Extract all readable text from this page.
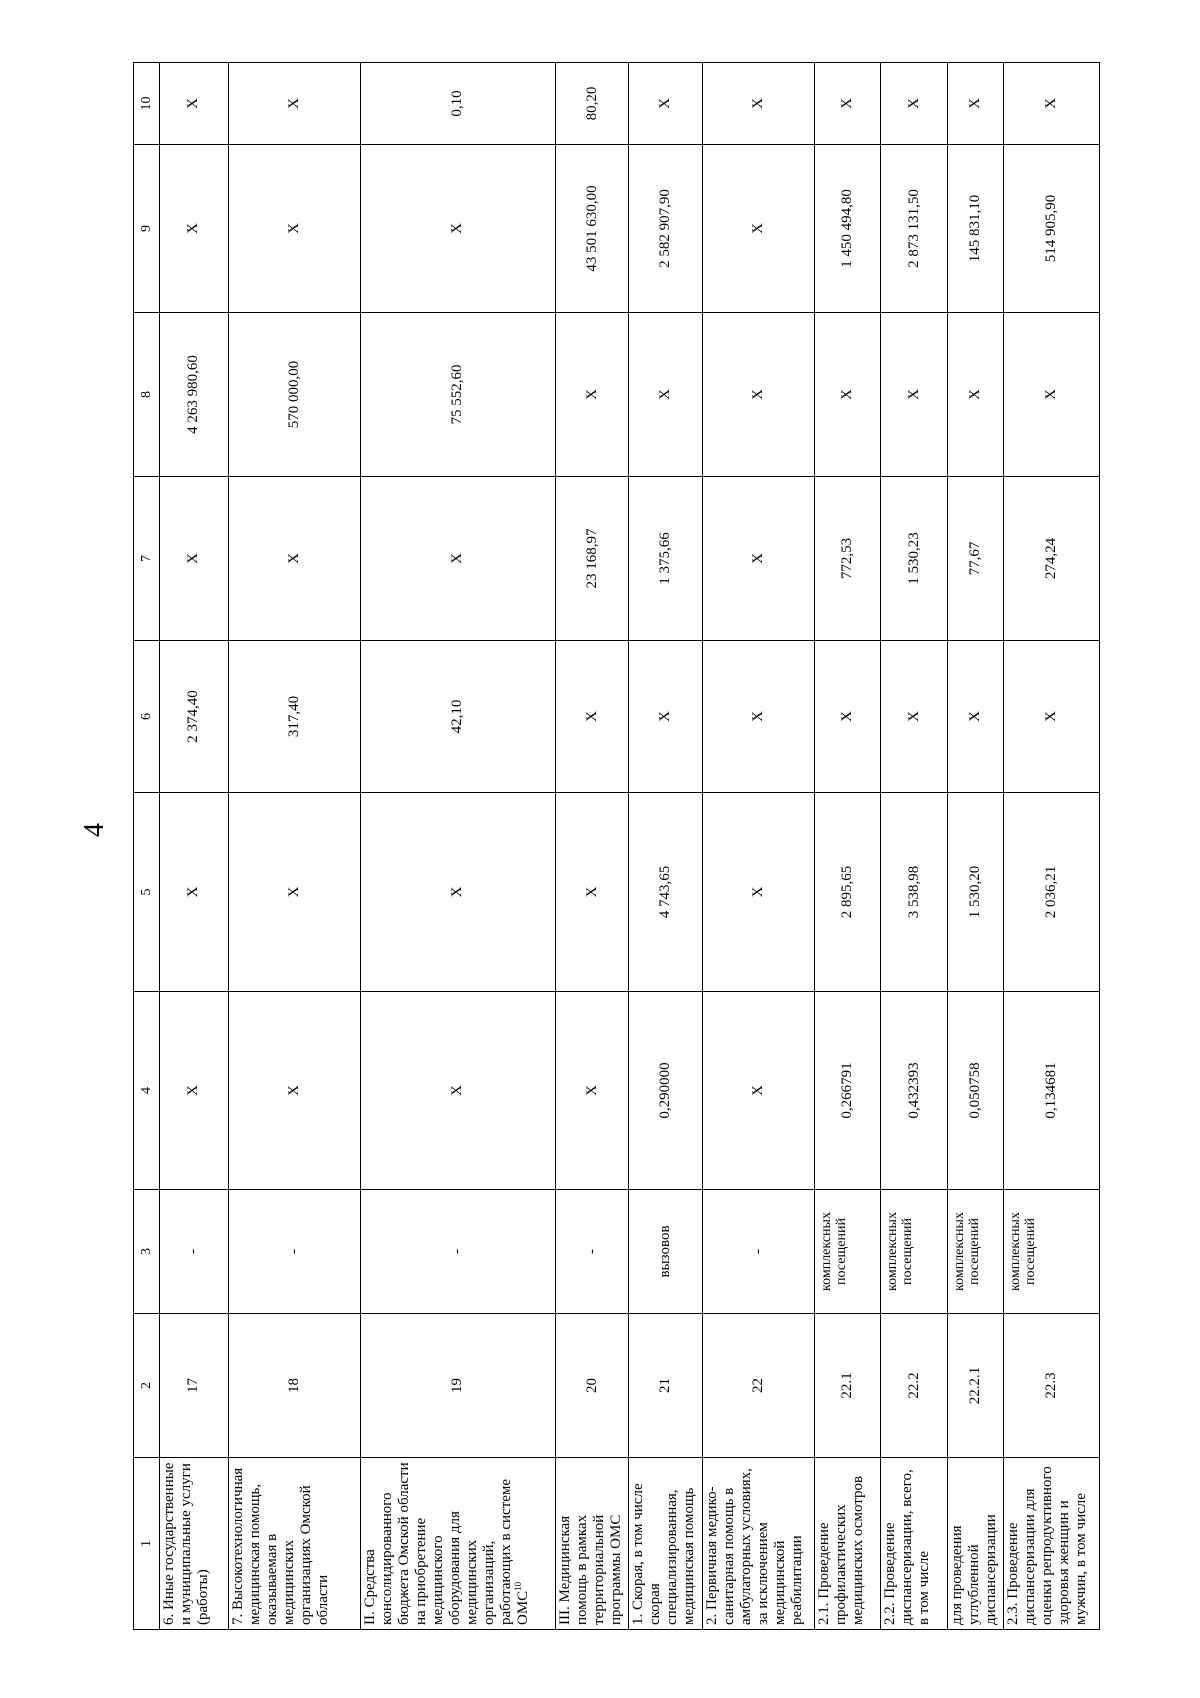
4
1	2	3	4	5	6	7	8	9	10
6. Иные государственные и муниципальные услуги (работы)	17	-	X	X	2 374,40	X	4 263 980,60	X	X
7. Высокотехнологичная медицинская помощь, оказываемая в медицинских организациях Омской области	18	-	X	X	317,40	X	570 000,00	X	X
II. Средства консолидированного бюджета Омской области на приобретение медицинского оборудования для медицинских организаций, работающих в системе ОМС$^{10}$	19	-	X	X	42,10	X	75 552,60	X	0,10
III. Медицинская помощь в рамках территориальной программы ОМС	20	-	X	X	X	23 168,97	X	43 501 630,00	80,20
1. Скорая, в том числе скорая специализированная, медицинская помощь	21	вызовов	0,290000	4 743,65	X	1 375,66	X	2 582 907,90	X
2. Первичная медико-санитарная помощь в амбулаторных условиях, за исключением медицинской реабилитации	22	-	X	X	X	X	X	X	X
2.1. Проведение профилактических медицинских осмотров	22.1	комплексных посещений	0,266791	2 895,65	X	772,53	X	1 450 494,80	X
2.2. Проведение диспансеризации, всего, в том числе	22.2	комплексных посещений	0,432393	3 538,98	X	1 530,23	X	2 873 131,50	X
для проведения углубленной диспансеризации	22.2.1	комплексных посещений	0,050758	1 530,20	X	77,67	X	145 831,10	X
2.3. Проведение диспансеризации для оценки репродуктивного здоровья женщин и мужчин, в том числе	22.3	комплексных посещений	0,134681	2 036,21	X	274,24	X	514 905,90	X
